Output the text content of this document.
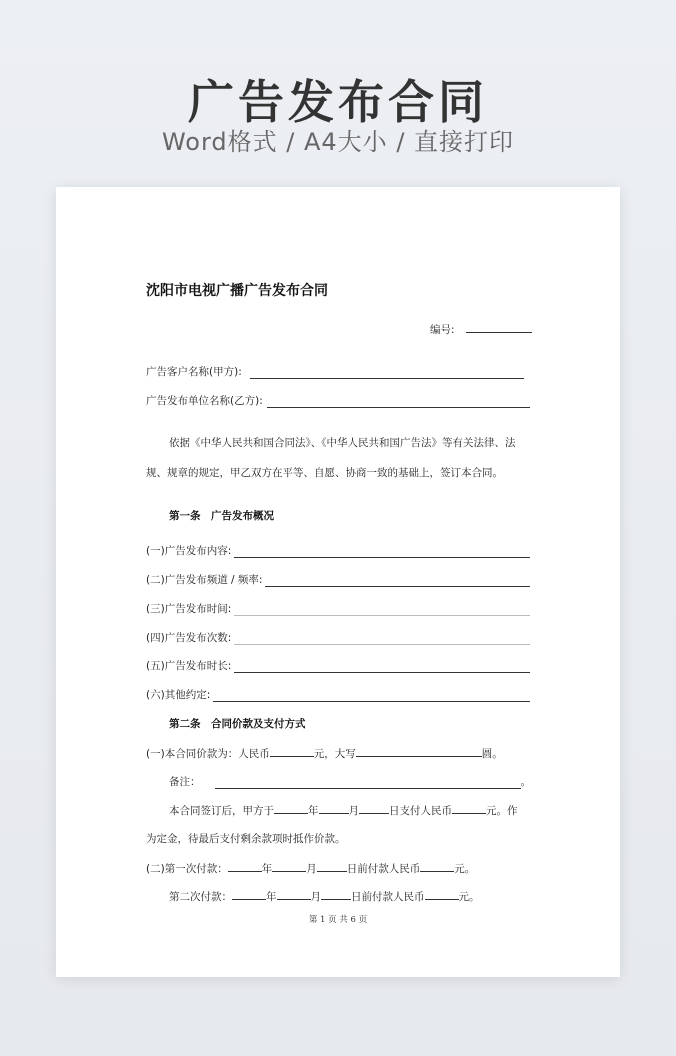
广告发布合同
Word格式 / A4大小 / 直接打印
沈阳市电视广播广告发布合同
编号:
广告客户名称(甲方):
广告发布单位名称(乙方):
依据《中华人民共和国合同法》、《中华人民共和国广告法》等有关法律、法
规、规章的规定，甲乙双方在平等、自愿、协商一致的基础上，签订本合同。
第一条　广告发布概况
(一)广告发布内容:
(二)广告发布频道 / 频率:
(三)广告发布时间:
(四)广告发布次数:
(五)广告发布时长:
(六)其他约定:
第二条　合同价款及支付方式
(一)本合同价款为：人民币	元，大写	圆。
备注：	。
本合同签订后，甲方于	年	月	日支付人民币	元。作
为定金，待最后支付剩余款项时抵作价款。
(二)第一次付款：	年	月	日前付款人民币	元。
第二次付款：	年	月	日前付款人民币	元。
第 1 页 共 6 页
